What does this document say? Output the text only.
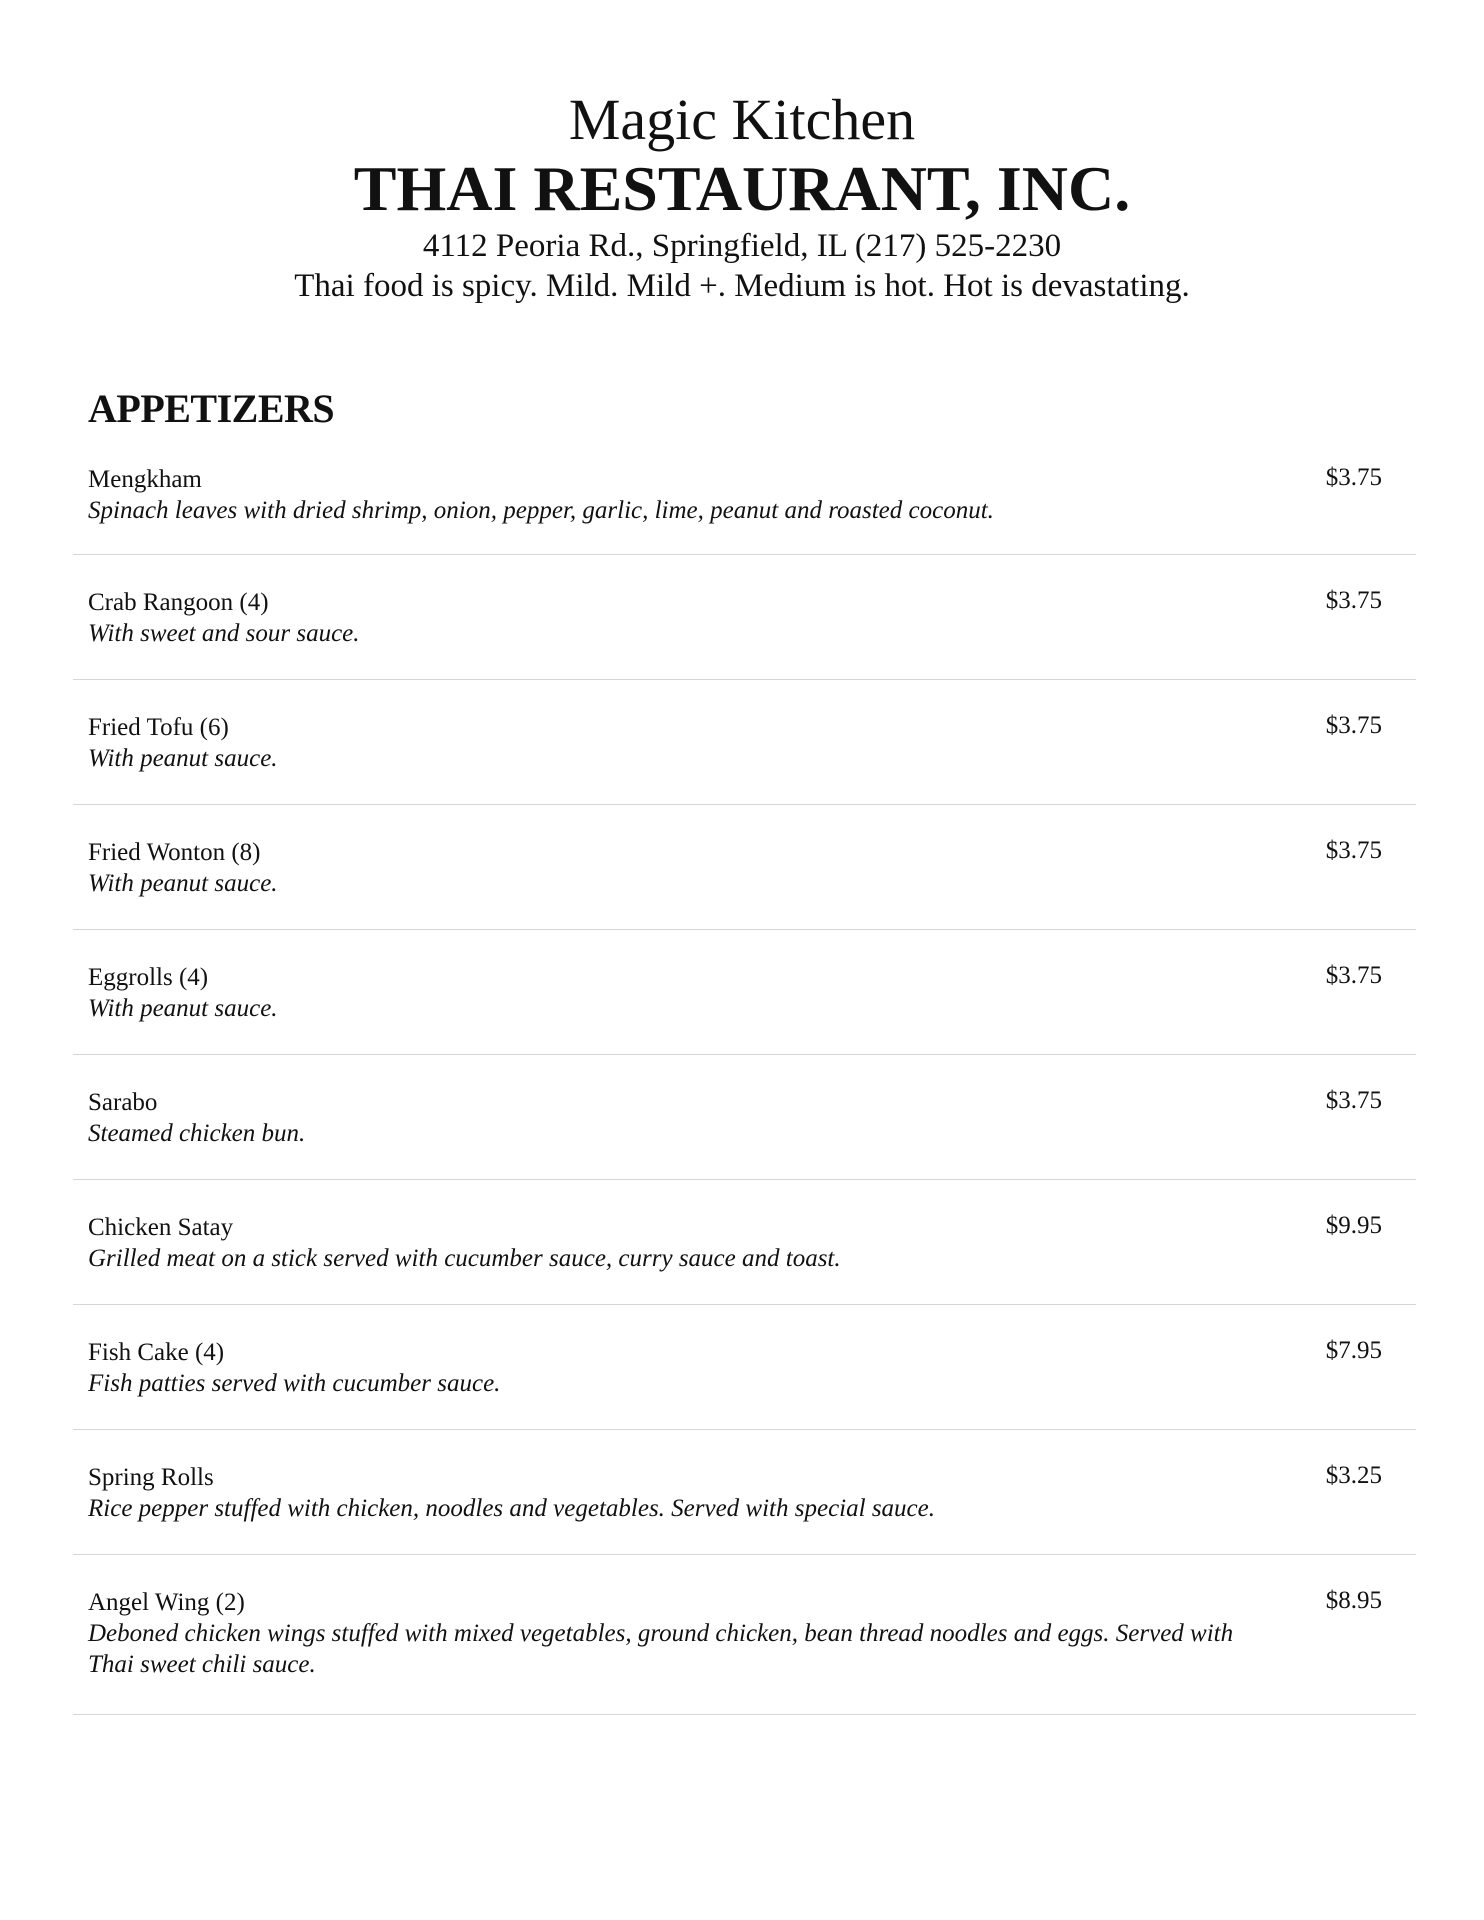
Magic Kitchen
THAI RESTAURANT, INC.

4112 Peoria Rd., Springfield, IL (217) 525-2230

Thai food is spicy. Mild. Mild +. Medium is hot. Hot is devastating.

APPETIZERS
Mengkham
Spinach leaves with dried shrimp, onion, pepper, garlic, lime, peanut and roasted coconut.
$3.75
Crab Rangoon (4)
With sweet and sour sauce.
$3.75
Fried Tofu (6)
With peanut sauce.
$3.75
Fried Wonton (8)
With peanut sauce.
$3.75
Eggrolls (4)
With peanut sauce.
$3.75
Sarabo
Steamed chicken bun.
$3.75
Chicken Satay
Grilled meat on a stick served with cucumber sauce, curry sauce and toast.
$9.95
Fish Cake (4)
Fish patties served with cucumber sauce.
$7.95
Spring Rolls
Rice pepper stuffed with chicken, noodles and vegetables. Served with special sauce.
$3.25
Angel Wing (2)
Deboned chicken wings stuffed with mixed vegetables, ground chicken, bean thread noodles and eggs. Served with Thai sweet chili sauce.
$8.95
